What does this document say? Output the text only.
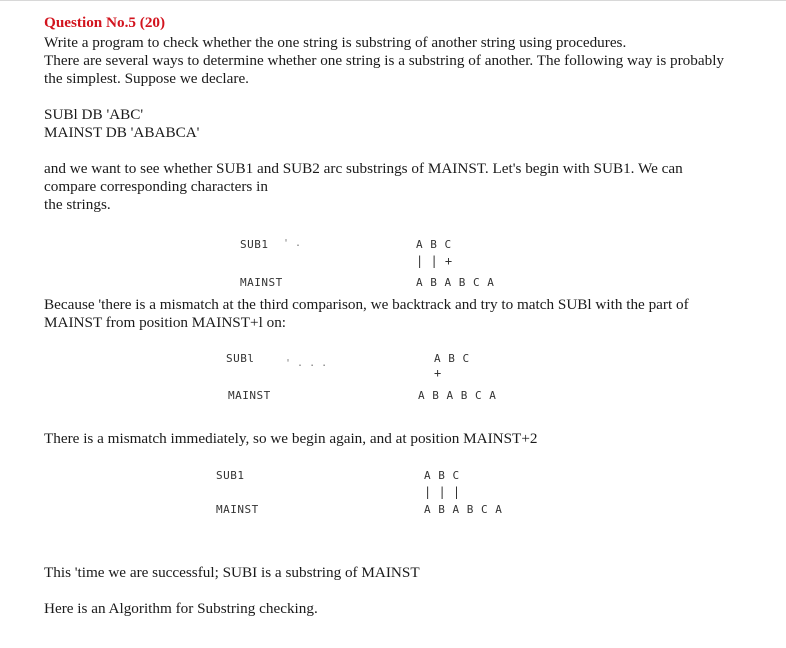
Question No.5 (20)

Write a program to check whether the one string is substring of another string using procedures.

There are several ways to determine whether one string is a substring of another. The following way is probably

the simplest. Suppose we declare.

SUBl DB 'ABC'

MAINST DB 'ABABCA'

and we want to see whether SUB1 and SUB2 arc substrings of MAINST. Let's begin with SUB1. We can

compare corresponding characters in

the strings.

SUB1 ' .	A B C
| | +
MAINST	A B A B C A

Because 'there is a mismatch at the third comparison, we backtrack and try to match SUBl with the part of

MAINST from position MAINST+l on:

SUBl	' . . .	A B C
+
MAINST	A B A B C A

There is a mismatch immediately, so we begin again, and at position MAINST+2

SUB1	A B C
| | |
MAINST	A B A B C A

This 'time we are successful; SUBI is a substring of MAINST

Here is an Algorithm for Substring checking.
